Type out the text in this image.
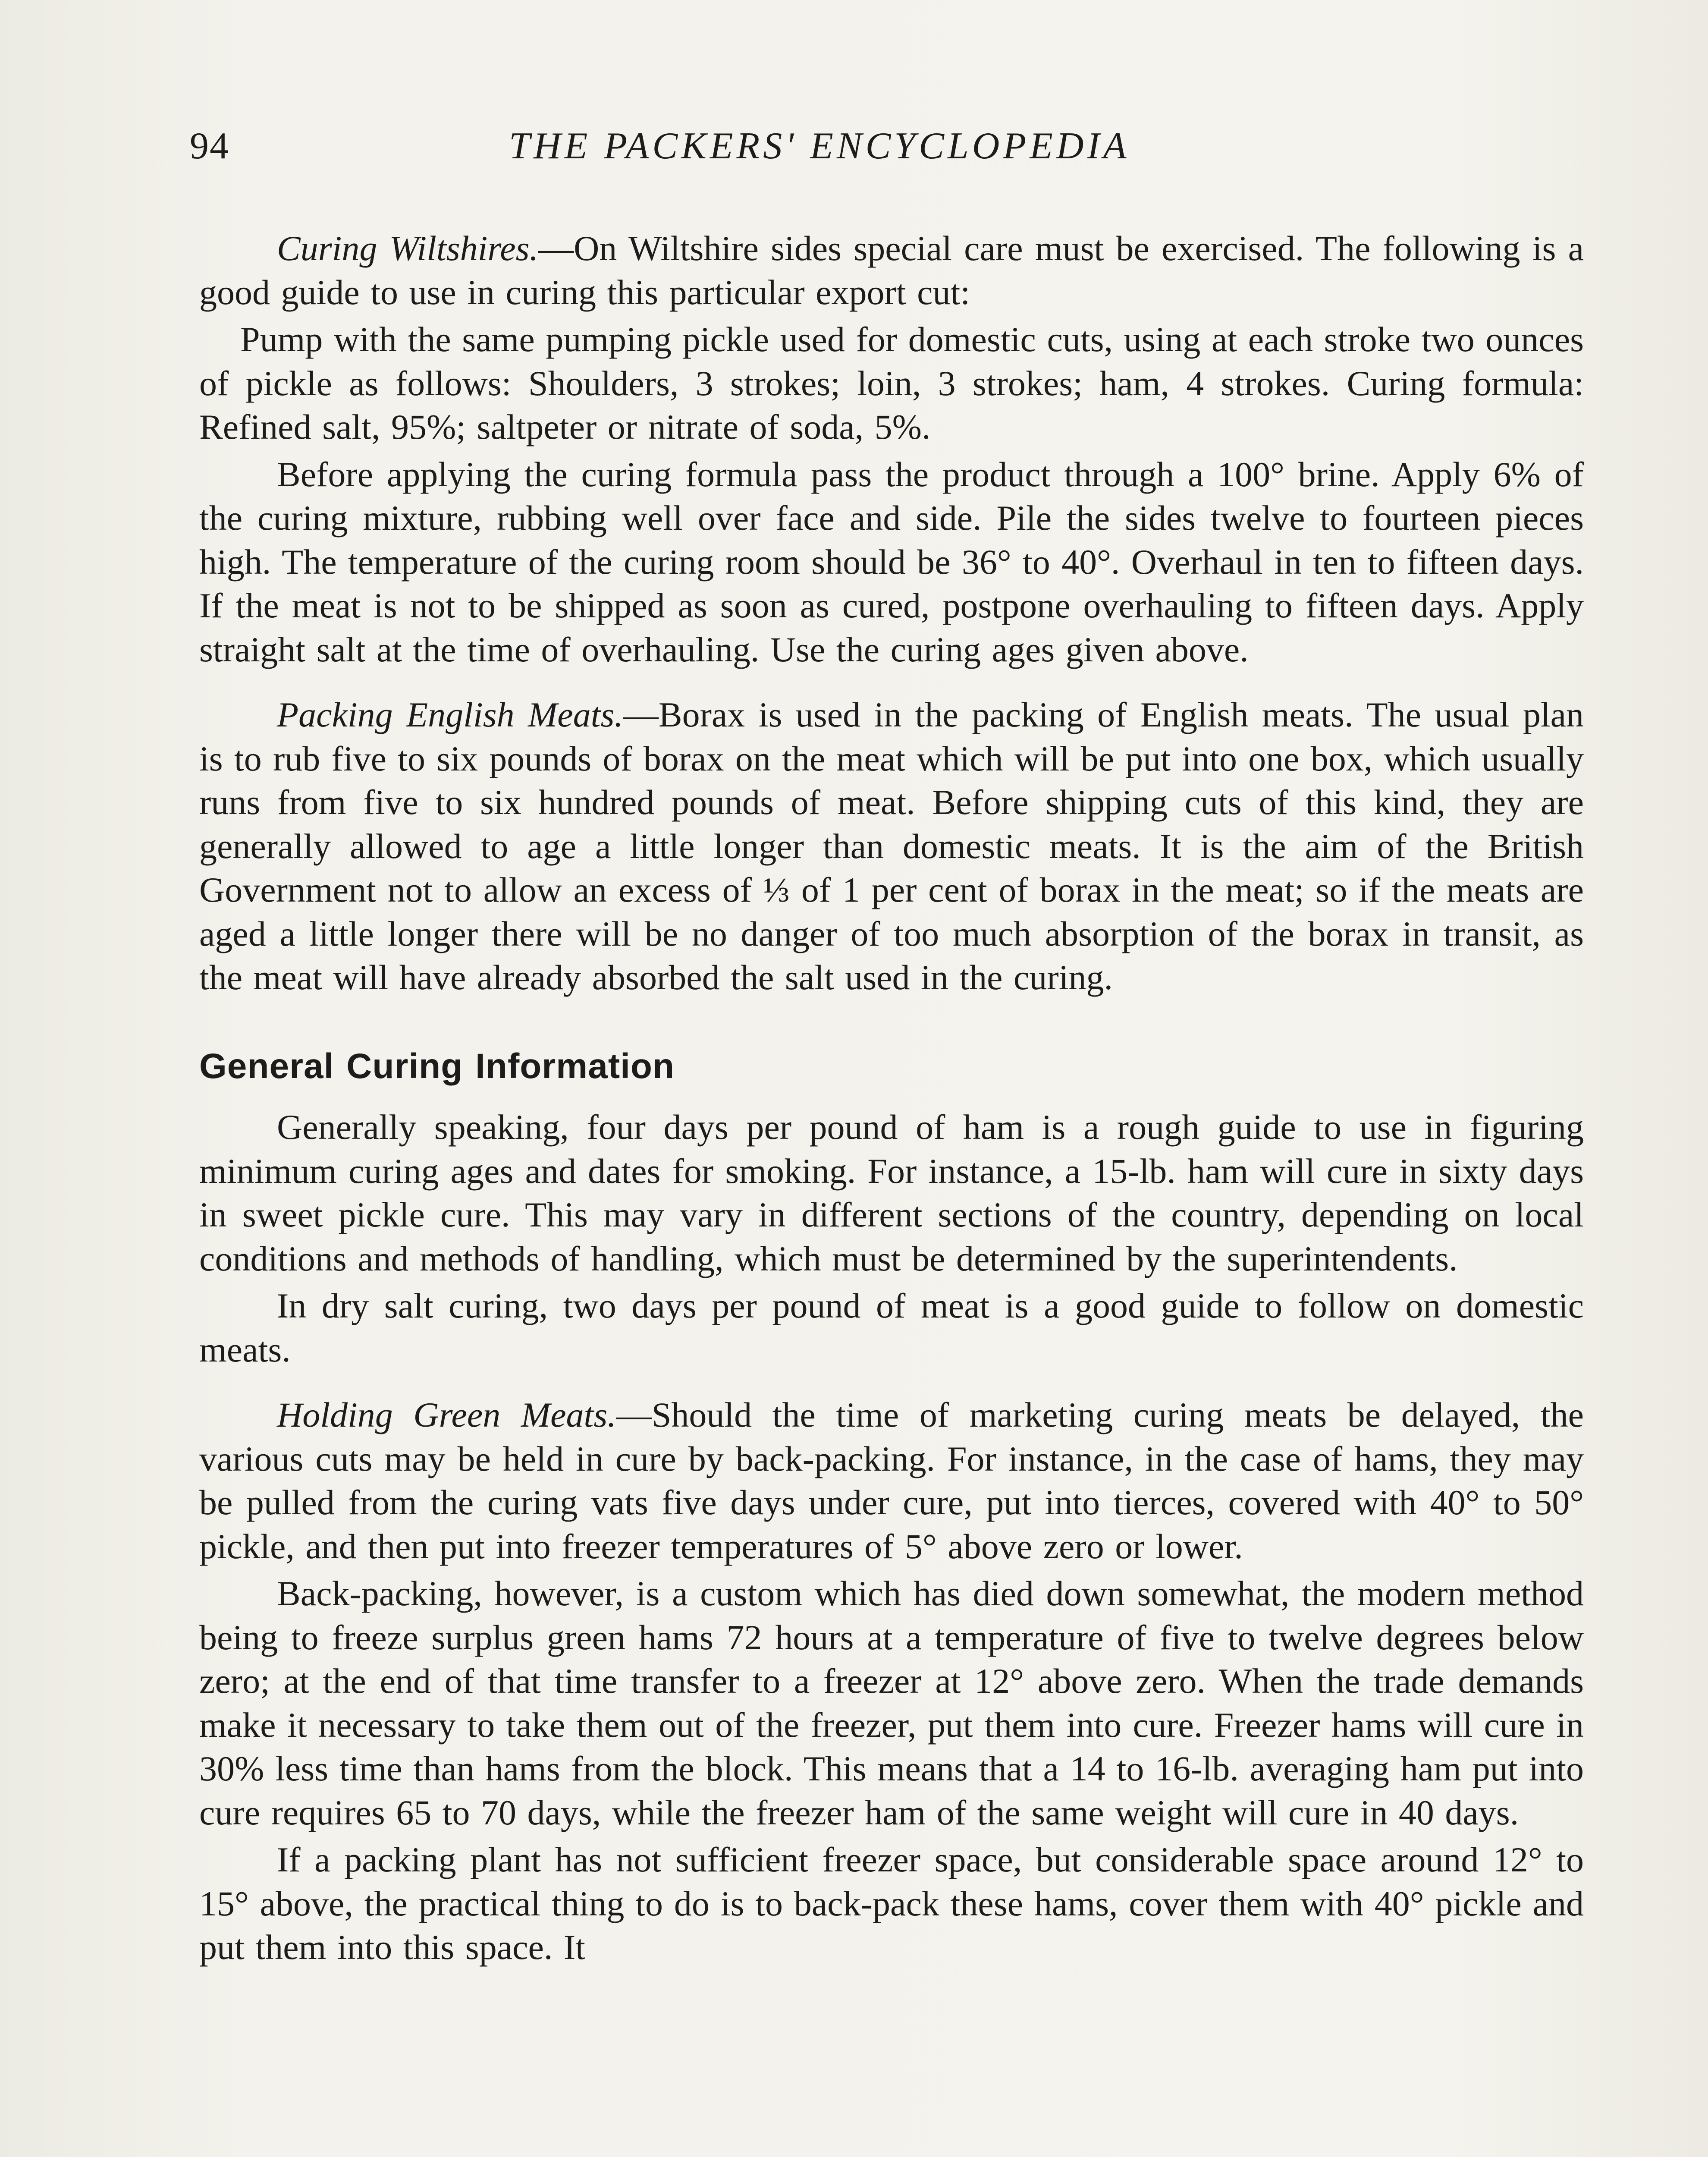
94	THE PACKERS' ENCYCLOPEDIA

Curing Wiltshires.—On Wiltshire sides special care must be exercised. The following is a good guide to use in curing this particular export cut:

Pump with the same pumping pickle used for domestic cuts, using at each stroke two ounces of pickle as follows: Shoulders, 3 strokes; loin, 3 strokes; ham, 4 strokes. Curing formula: Refined salt, 95%; saltpeter or nitrate of soda, 5%.

Before applying the curing formula pass the product through a 100° brine. Apply 6% of the curing mixture, rubbing well over face and side. Pile the sides twelve to fourteen pieces high. The temperature of the curing room should be 36° to 40°. Overhaul in ten to fifteen days. If the meat is not to be shipped as soon as cured, postpone overhauling to fifteen days. Apply straight salt at the time of overhauling. Use the curing ages given above.

Packing English Meats.—Borax is used in the packing of English meats. The usual plan is to rub five to six pounds of borax on the meat which will be put into one box, which usually runs from five to six hundred pounds of meat. Before shipping cuts of this kind, they are generally allowed to age a little longer than domestic meats. It is the aim of the British Government not to allow an excess of ⅓ of 1 per cent of borax in the meat; so if the meats are aged a little longer there will be no danger of too much absorption of the borax in transit, as the meat will have already absorbed the salt used in the curing.

General Curing Information

Generally speaking, four days per pound of ham is a rough guide to use in figuring minimum curing ages and dates for smoking. For instance, a 15-lb. ham will cure in sixty days in sweet pickle cure. This may vary in different sections of the country, depending on local conditions and methods of handling, which must be determined by the superintendents.

In dry salt curing, two days per pound of meat is a good guide to follow on domestic meats.

Holding Green Meats.—Should the time of marketing curing meats be delayed, the various cuts may be held in cure by back-packing. For instance, in the case of hams, they may be pulled from the curing vats five days under cure, put into tierces, covered with 40° to 50° pickle, and then put into freezer temperatures of 5° above zero or lower.

Back-packing, however, is a custom which has died down somewhat, the modern method being to freeze surplus green hams 72 hours at a temperature of five to twelve degrees below zero; at the end of that time transfer to a freezer at 12° above zero. When the trade demands make it necessary to take them out of the freezer, put them into cure. Freezer hams will cure in 30% less time than hams from the block. This means that a 14 to 16-lb. averaging ham put into cure requires 65 to 70 days, while the freezer ham of the same weight will cure in 40 days.

If a packing plant has not sufficient freezer space, but considerable space around 12° to 15° above, the practical thing to do is to back-pack these hams, cover them with 40° pickle and put them into this space. It
